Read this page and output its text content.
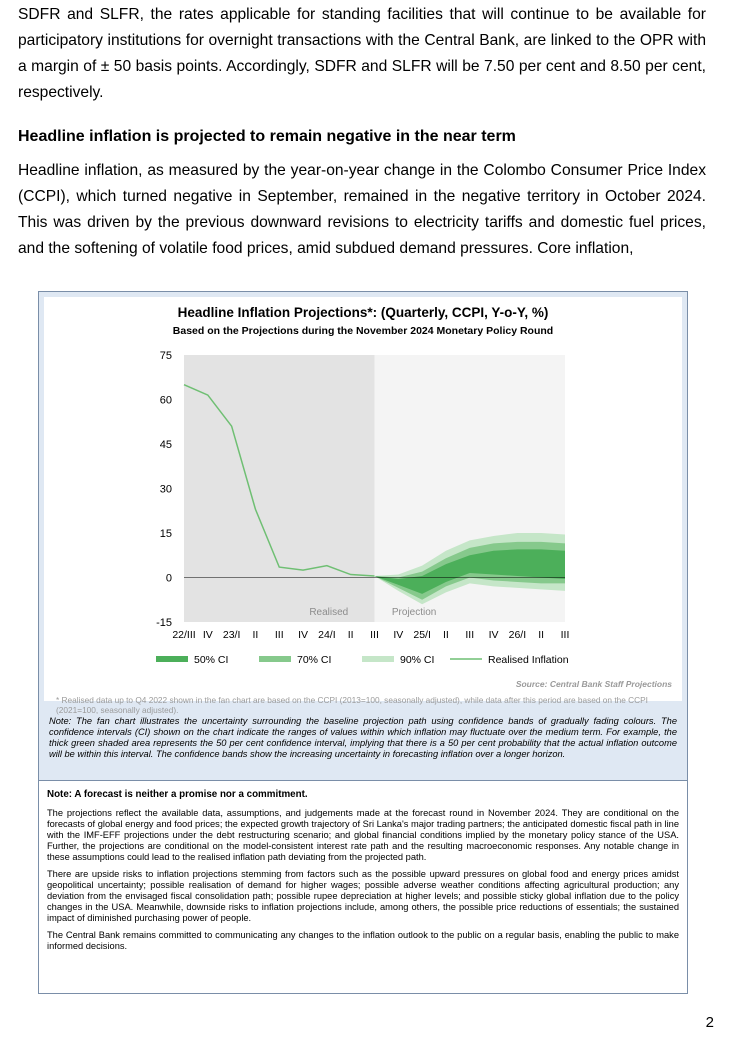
SDFR and SLFR, the rates applicable for standing facilities that will continue to be available for participatory institutions for overnight transactions with the Central Bank, are linked to the OPR with a margin of ± 50 basis points. Accordingly, SDFR and SLFR will be 7.50 per cent and 8.50 per cent, respectively.

Headline inflation is projected to remain negative in the near term

Headline inflation, as measured by the year-on-year change in the Colombo Consumer Price Index (CCPI), which turned negative in September, remained in the negative territory in October 2024. This was driven by the previous downward revisions to electricity tariffs and domestic fuel prices, and the softening of volatile food prices, amid subdued demand pressures. Core inflation,

75
60
45
30
15
0
-15
22/III IV 23/I II III IV 24/I II III IV 25/I II III IV 26/I II III
Realised	Projection
50% CI	70% CI	90% CI	Realised Inflation

Headline Inflation Projections*: (Quarterly, CCPI, Y-o-Y, %)

Based on the Projections during the November 2024 Monetary Policy Round

Source: Central Bank Staff Projections

* Realised data up to Q4 2022 shown in the fan chart are based on the CCPI (2013=100, seasonally adjusted), while data after this period are based on the CCPI (2021=100, seasonally adjusted).

Note: The fan chart illustrates the uncertainty surrounding the baseline projection path using confidence bands of gradually fading colours. The confidence intervals (CI) shown on the chart indicate the ranges of values within which inflation may fluctuate over the medium term. For example, the thick green shaded area represents the 50 per cent confidence interval, implying that there is a 50 per cent probability that the actual inflation outcome will be within this interval. The confidence bands show the increasing uncertainty in forecasting inflation over a longer horizon.

Note: A forecast is neither a promise nor a commitment.

The projections reflect the available data, assumptions, and judgements made at the forecast round in November 2024. They are conditional on the forecasts of global energy and food prices; the expected growth trajectory of Sri Lanka's major trading partners; the anticipated domestic fiscal path in line with the IMF-EFF projections under the debt restructuring scenario; and global financial conditions implied by the monetary policy stance of the USA. Further, the projections are conditional on the model-consistent interest rate path and the resulting macroeconomic responses. Any notable change in these assumptions could lead to the realised inflation path deviating from the projected path.

There are upside risks to inflation projections stemming from factors such as the possible upward pressures on global food and energy prices amidst geopolitical uncertainty; possible realisation of demand for higher wages; possible adverse weather conditions affecting agricultural production; any deviation from the envisaged fiscal consolidation path; possible rupee depreciation at higher levels; and possible sticky global inflation due to the policy changes in the USA. Meanwhile, downside risks to inflation projections include, among others, the possible price reductions of essentials; the sustained impact of diminished purchasing power of people.

The Central Bank remains committed to communicating any changes to the inflation outlook to the public on a regular basis, enabling the public to make informed decisions.

2
